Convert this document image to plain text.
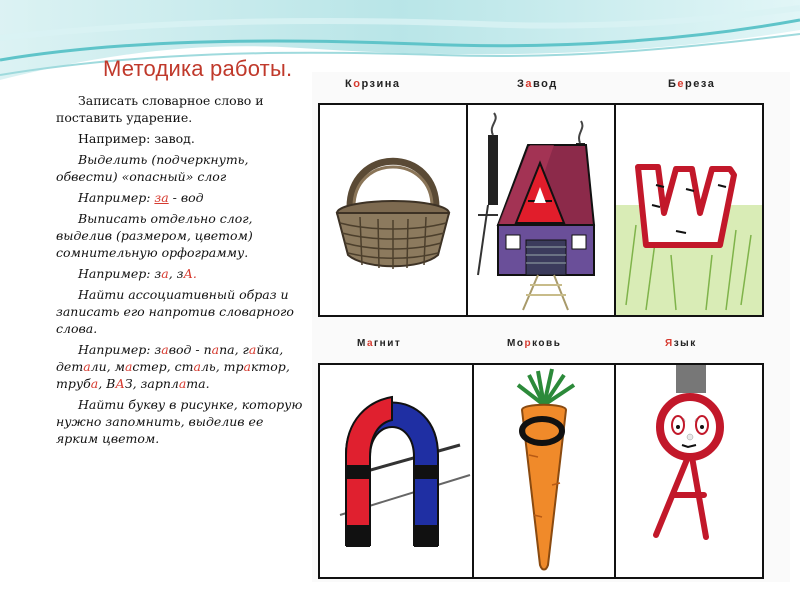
Методика работы.

Записать словарное слово и поставить ударение.

Например: завод.

Выделить (подчеркнуть, обвести) «опасный» слог

Например: за - вод

Выписать отдельно слог, выделив (размером, цветом) сомнительную орфограмму.

Например: за, зА.

Найти ассоциативный образ и записать его напротив словарного слова.

Например: завод - папа, гайка, детали, мастер, сталь, трактор, труба, ВАЗ, зарплата.

Найти букву в рисунке, которую нужно запомнить, выделив ее ярким цветом.

Корзина	Завод	Береза
Магнит	Морковь	Язык
